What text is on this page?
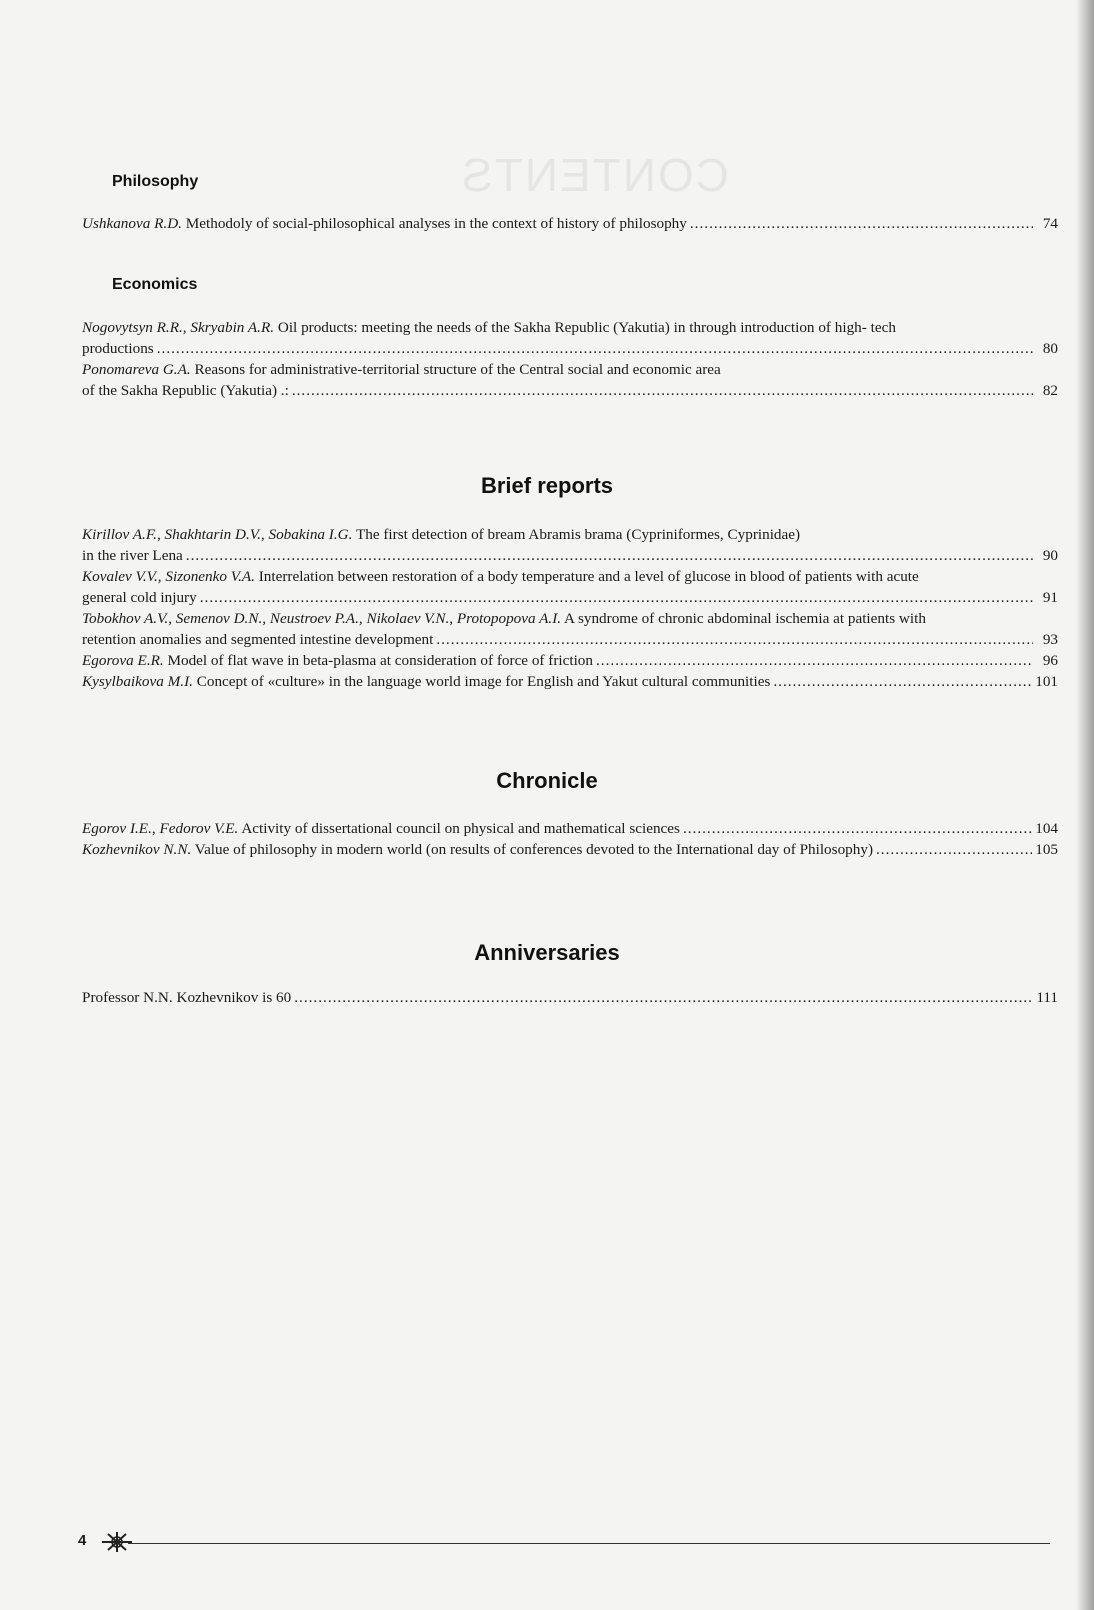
CONTENTS
Philosophy
Ushkanova R.D. Methodoly of social-philosophical analyses in the context of history of philosophy .....	74
Economics
Nogovytsyn R.R., Skryabin A.R. Oil products: meeting the needs of the Sakha Republic (Yakutia) in through introduction of high- tech
productions .....	80
Ponomareva G.A. Reasons for administrative-territorial structure of the Central social and economic area
of the Sakha Republic (Yakutia) .: .....	82
Brief reports
Kirillov A.F., Shakhtarin D.V., Sobakina I.G. The first detection of bream Abramis brama (Cypriniformes, Cyprinidae)
in the river Lena .....	90
Kovalev V.V., Sizonenko V.A. Interrelation between restoration of a body temperature and a level of glucose in blood of patients with acute
general cold injury .....	91
Tobokhov A.V., Semenov D.N., Neustroev P.A., Nikolaev V.N., Protopopova A.I. A syndrome of chronic abdominal ischemia at patients with
retention anomalies and segmented intestine development .....	93
Egorova E.R. Model of flat wave in beta-plasma at consideration of force of friction .....	96
Kysylbaikova M.I. Concept of «culture» in the language world image for English and Yakut cultural communities .....	101
Chronicle
Egorov I.E., Fedorov V.E. Activity of dissertational council on physical and mathematical sciences .....	104
Kozhevnikov N.N. Value of philosophy in modern world (on results of conferences devoted to the International day of Philosophy) .....	105
Anniversaries
Professor N.N. Kozhevnikov is 60 .....	111
4
